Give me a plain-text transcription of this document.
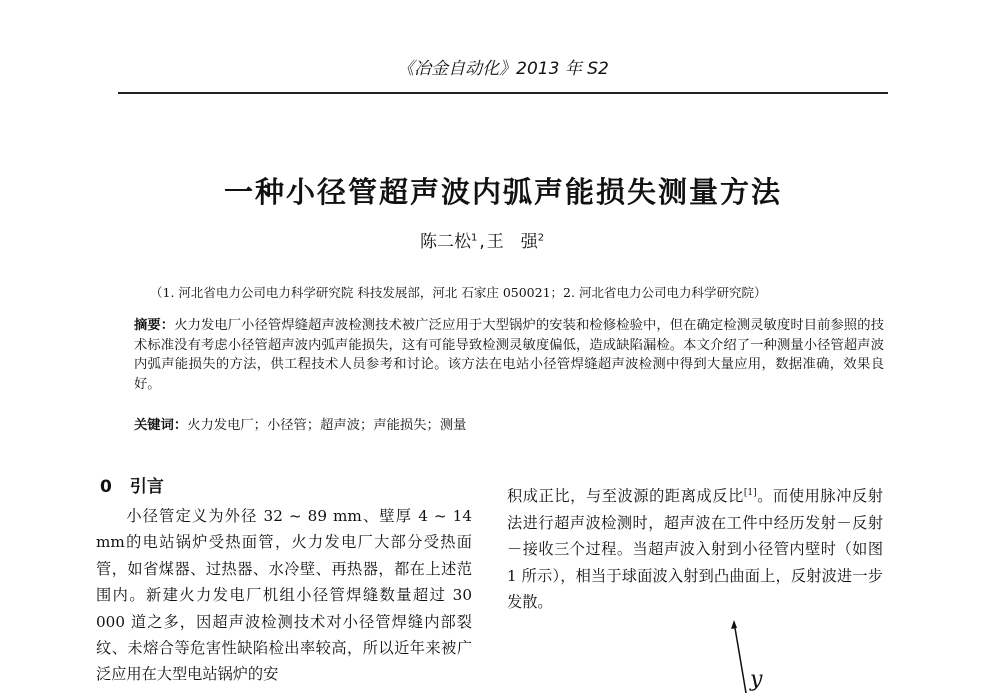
《冶金自动化》2013 年 S2
一种小径管超声波内弧声能损失测量方法
陈二松$^1$ , 王　强$^2$
（1. 河北省电力公司电力科学研究院 科技发展部，河北 石家庄 050021；2. 河北省电力公司电力科学研究院）
摘要：火力发电厂小径管焊缝超声波检测技术被广泛应用于大型锅炉的安装和检修检验中，但在确定检测灵敏度时目前参照的技术标准没有考虑小径管超声波内弧声能损失，这有可能导致检测灵敏度偏低，造成缺陷漏检。本文介绍了一种测量小径管超声波内弧声能损失的方法，供工程技术人员参考和讨论。该方法在电站小径管焊缝超声波检测中得到大量应用，数据准确，效果良好。
关键词：火力发电厂；小径管；超声波；声能损失；测量
0 引言

小径管定义为外径 32 ~ 89 mm、壁厚 4 ~ 14 mm的电站锅炉受热面管，火力发电厂大部分受热面管，如省煤器、过热器、水冷壁、再热器，都在上述范围内。新建火力发电厂机组小径管焊缝数量超过 30 000 道之多，因超声波检测技术对小径管焊缝内部裂纹、未熔合等危害性缺陷检出率较高，所以近年来被广泛应用在大型电站锅炉的安

积成正比，与至波源的距离成反比[1]。而使用脉冲反射法进行超声波检测时，超声波在工件中经历发射－反射－接收三个过程。当超声波入射到小径管内壁时（如图 1 所示），相当于球面波入射到凸曲面上，反射波进一步发散。

y
